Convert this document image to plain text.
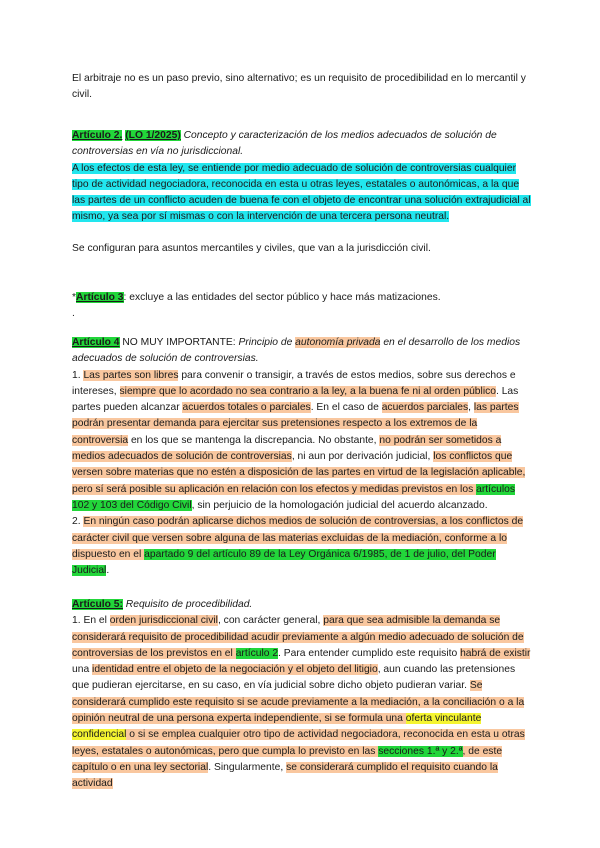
El arbitraje no es un paso previo, sino alternativo; es un requisito de procedibilidad en lo mercantil y civil.

Artículo 2. (LO 1/2025) Concepto y caracterización de los medios adecuados de solución de controversias en vía no jurisdiccional.

A los efectos de esta ley, se entiende por medio adecuado de solución de controversias cualquier tipo de actividad negociadora, reconocida en esta u otras leyes, estatales o autonómicas, a la que las partes de un conflicto acuden de buena fe con el objeto de encontrar una solución extrajudicial al mismo, ya sea por sí mismas o con la intervención de una tercera persona neutral.

Se configuran para asuntos mercantiles y civiles, que van a la jurisdicción civil.

*Artículo 3: excluye a las entidades del sector público y hace más matizaciones.

.

Artículo 4 NO MUY IMPORTANTE: Principio de autonomía privada en el desarrollo de los medios adecuados de solución de controversias.

1. Las partes son libres para convenir o transigir, a través de estos medios, sobre sus derechos e intereses, siempre que lo acordado no sea contrario a la ley, a la buena fe ni al orden público. Las partes pueden alcanzar acuerdos totales o parciales. En el caso de acuerdos parciales, las partes podrán presentar demanda para ejercitar sus pretensiones respecto a los extremos de la controversia en los que se mantenga la discrepancia. No obstante, no podrán ser sometidos a medios adecuados de solución de controversias, ni aun por derivación judicial, los conflictos que versen sobre materias que no estén a disposición de las partes en virtud de la legislación aplicable, pero sí será posible su aplicación en relación con los efectos y medidas previstos en los artículos 102 y 103 del Código Civil, sin perjuicio de la homologación judicial del acuerdo alcanzado.

2. En ningún caso podrán aplicarse dichos medios de solución de controversias, a los conflictos de carácter civil que versen sobre alguna de las materias excluidas de la mediación, conforme a lo dispuesto en el apartado 9 del artículo 89 de la Ley Orgánica 6/1985, de 1 de julio, del Poder Judicial.

Artículo 5: Requisito de procedibilidad.

1. En el orden jurisdiccional civil, con carácter general, para que sea admisible la demanda se considerará requisito de procedibilidad acudir previamente a algún medio adecuado de solución de controversias de los previstos en el artículo 2. Para entender cumplido este requisito habrá de existir una identidad entre el objeto de la negociación y el objeto del litigio, aun cuando las pretensiones que pudieran ejercitarse, en su caso, en vía judicial sobre dicho objeto pudieran variar. Se considerará cumplido este requisito si se acude previamente a la mediación, a la conciliación o a la opinión neutral de una persona experta independiente, si se formula una oferta vinculante confidencial o si se emplea cualquier otro tipo de actividad negociadora, reconocida en esta u otras leyes, estatales o autonómicas, pero que cumpla lo previsto en las secciones 1.ª y 2.ª, de este capítulo o en una ley sectorial. Singularmente, se considerará cumplido el requisito cuando la actividad
